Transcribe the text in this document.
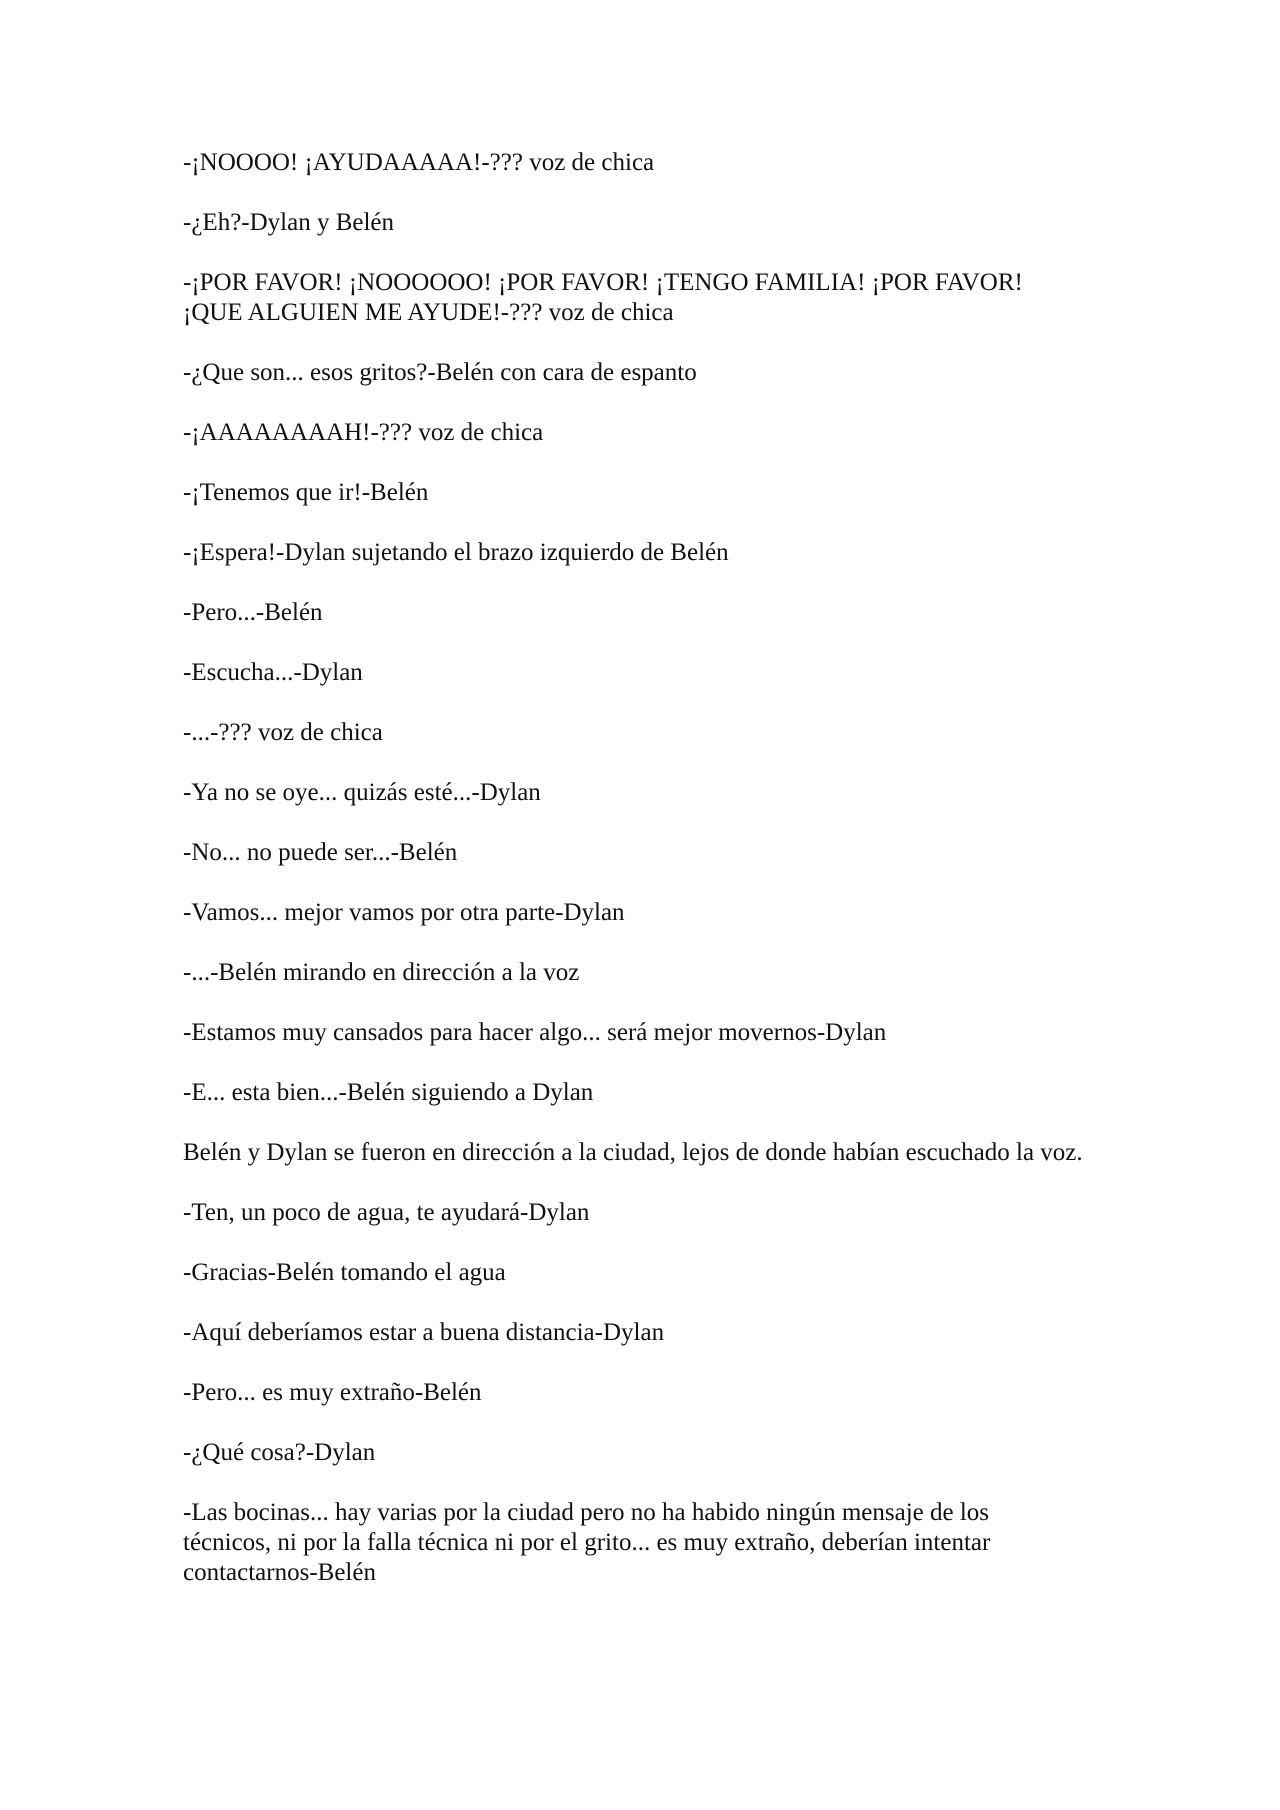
-¡NOOOO! ¡AYUDAAAAA!-??? voz de chica

-¿Eh?-Dylan y Belén

-¡POR FAVOR! ¡NOOOOOO! ¡POR FAVOR! ¡TENGO FAMILIA! ¡POR FAVOR! ¡QUE ALGUIEN ME AYUDE!-??? voz de chica

-¿Que son... esos gritos?-Belén con cara de espanto

-¡AAAAAAAAH!-??? voz de chica

-¡Tenemos que ir!-Belén

-¡Espera!-Dylan sujetando el brazo izquierdo de Belén

-Pero...-Belén

-Escucha...-Dylan

-...-??? voz de chica

-Ya no se oye... quizás esté...-Dylan

-No... no puede ser...-Belén

-Vamos... mejor vamos por otra parte-Dylan

-...-Belén mirando en dirección a la voz

-Estamos muy cansados para hacer algo... será mejor movernos-Dylan

-E... esta bien...-Belén siguiendo a Dylan

Belén y Dylan se fueron en dirección a la ciudad, lejos de donde habían escuchado la voz.

-Ten, un poco de agua, te ayudará-Dylan

-Gracias-Belén tomando el agua

-Aquí deberíamos estar a buena distancia-Dylan

-Pero... es muy extraño-Belén

-¿Qué cosa?-Dylan

-Las bocinas... hay varias por la ciudad pero no ha habido ningún mensaje de los técnicos, ni por la falla técnica ni por el grito... es muy extraño, deberían intentar contactarnos-Belén
